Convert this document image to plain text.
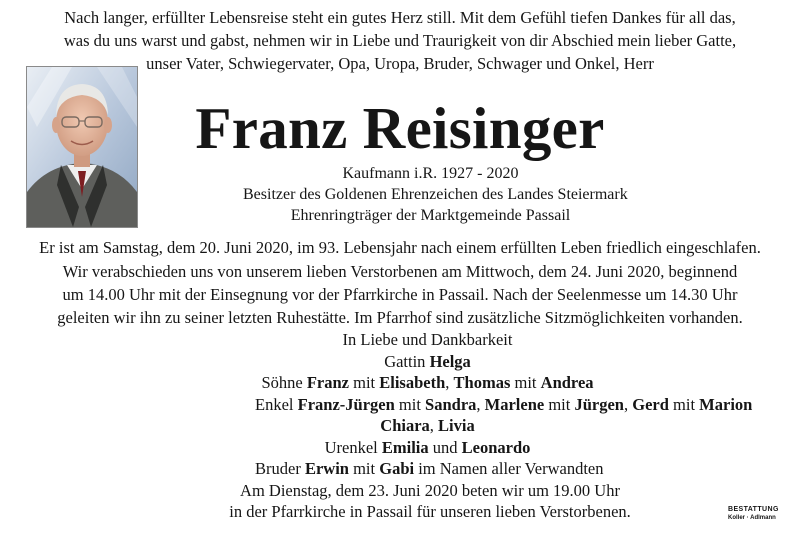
Nach langer, erfüllter Lebensreise steht ein gutes Herz still. Mit dem Gefühl tiefen Dankes für all das,
was du uns warst und gabst, nehmen wir in Liebe und Traurigkeit von dir Abschied mein lieber Gatte,
unser Vater, Schwiegervater, Opa, Uropa, Bruder, Schwager und Onkel, Herr
Franz Reisinger
Kaufmann i.R. 1927 - 2020
Besitzer des Goldenen Ehrenzeichen des Landes Steiermark
Ehrenringträger der Marktgemeinde Passail
Er ist am Samstag, dem 20. Juni 2020, im 93. Lebensjahr nach einem erfüllten Leben friedlich eingeschlafen.
Wir verabschieden uns von unserem lieben Verstorbenen am Mittwoch, dem 24. Juni 2020, beginnend
um 14.00 Uhr mit der Einsegnung vor der Pfarrkirche in Passail. Nach der Seelenmesse um 14.30 Uhr
geleiten wir ihn zu seiner letzten Ruhestätte. Im Pfarrhof sind zusätzliche Sitzmöglichkeiten vorhanden.
In Liebe und Dankbarkeit
Gattin Helga
Söhne Franz mit Elisabeth, Thomas mit Andrea
Enkel Franz-Jürgen mit Sandra, Marlene mit Jürgen, Gerd mit Marion
Chiara, Livia
Urenkel Emilia und Leonardo
Bruder Erwin mit Gabi im Namen aller Verwandten
Am Dienstag, dem 23. Juni 2020 beten wir um 19.00 Uhr
in der Pfarrkirche in Passail für unseren lieben Verstorbenen.	BESTATTUNG
Koller · Adlmann
